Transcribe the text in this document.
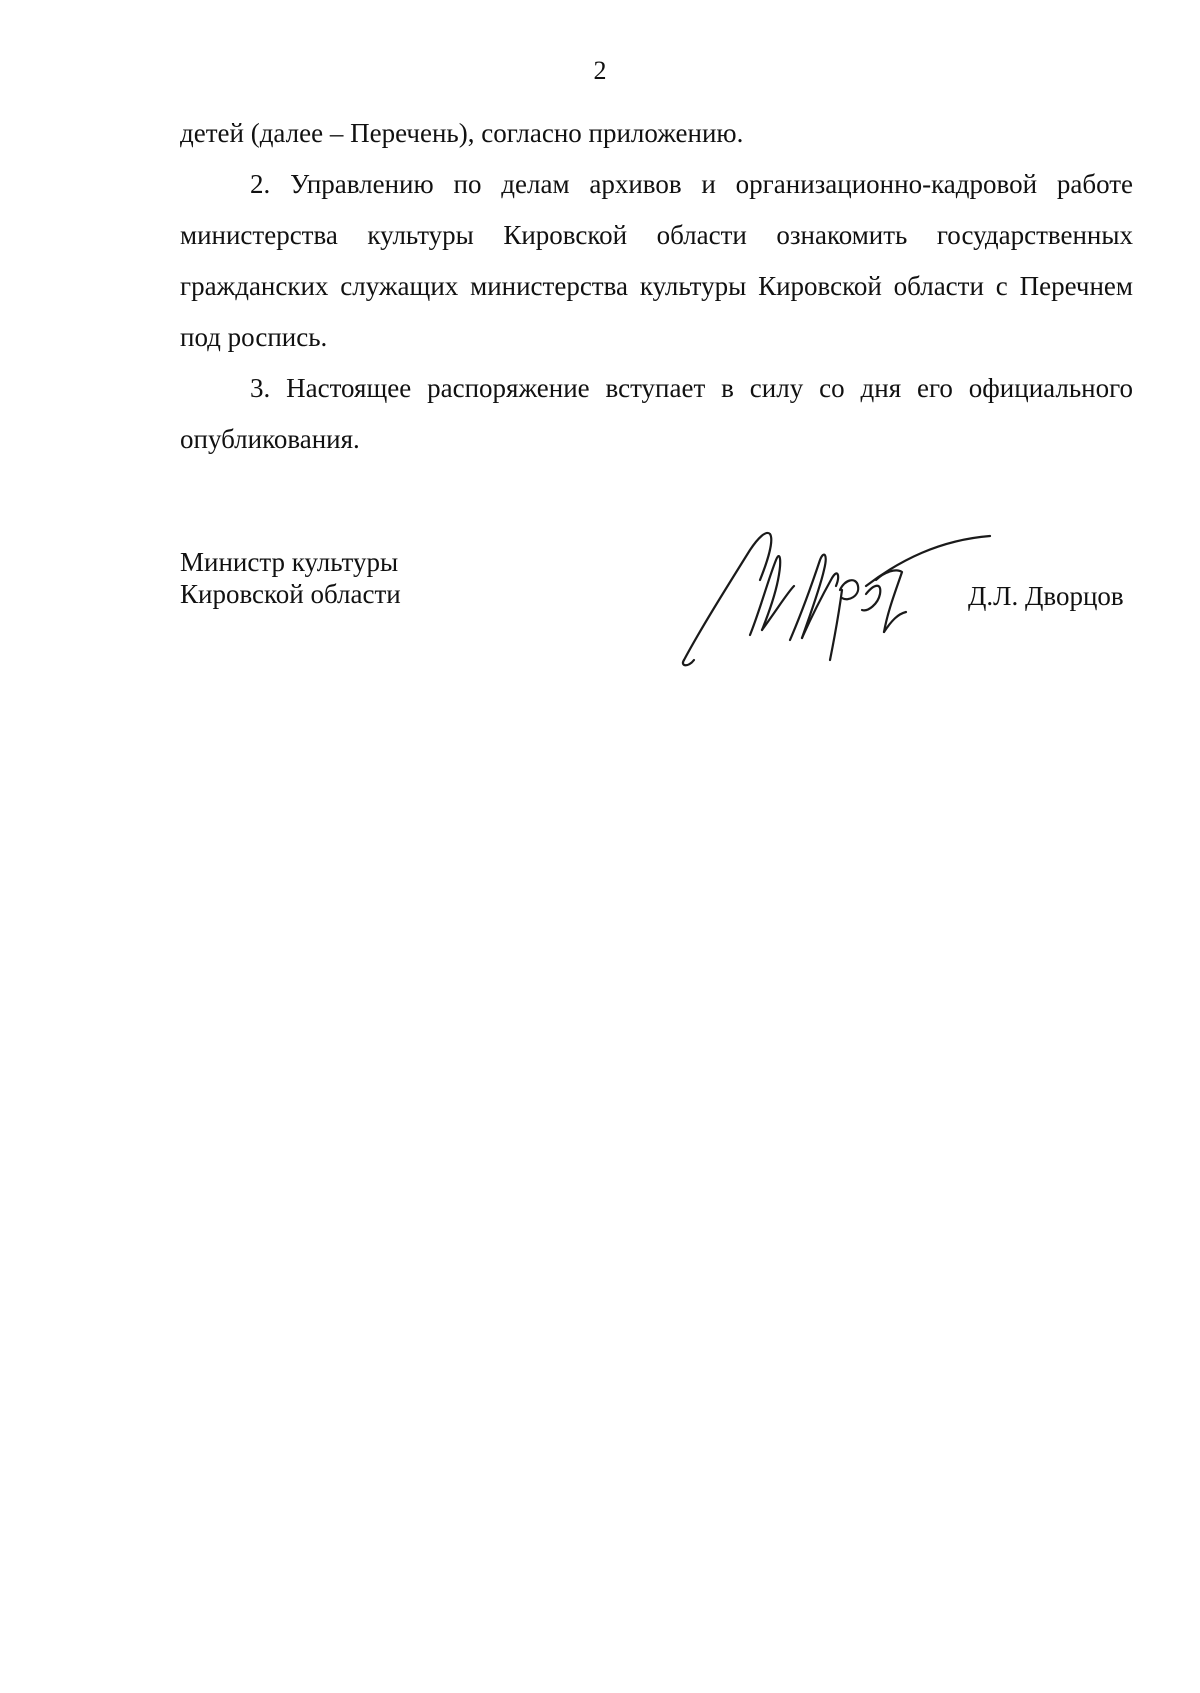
2

детей (далее – Перечень), согласно приложению.

2. Управлению по делам архивов и организационно-кадровой работе министерства культуры Кировской области ознакомить государственных гражданских служащих министерства культуры Кировской области с Перечнем под роспись.

3. Настоящее распоряжение вступает в силу со дня его официального опубликования.

Министр культуры
Кировской области	Д.Л. Дворцов
